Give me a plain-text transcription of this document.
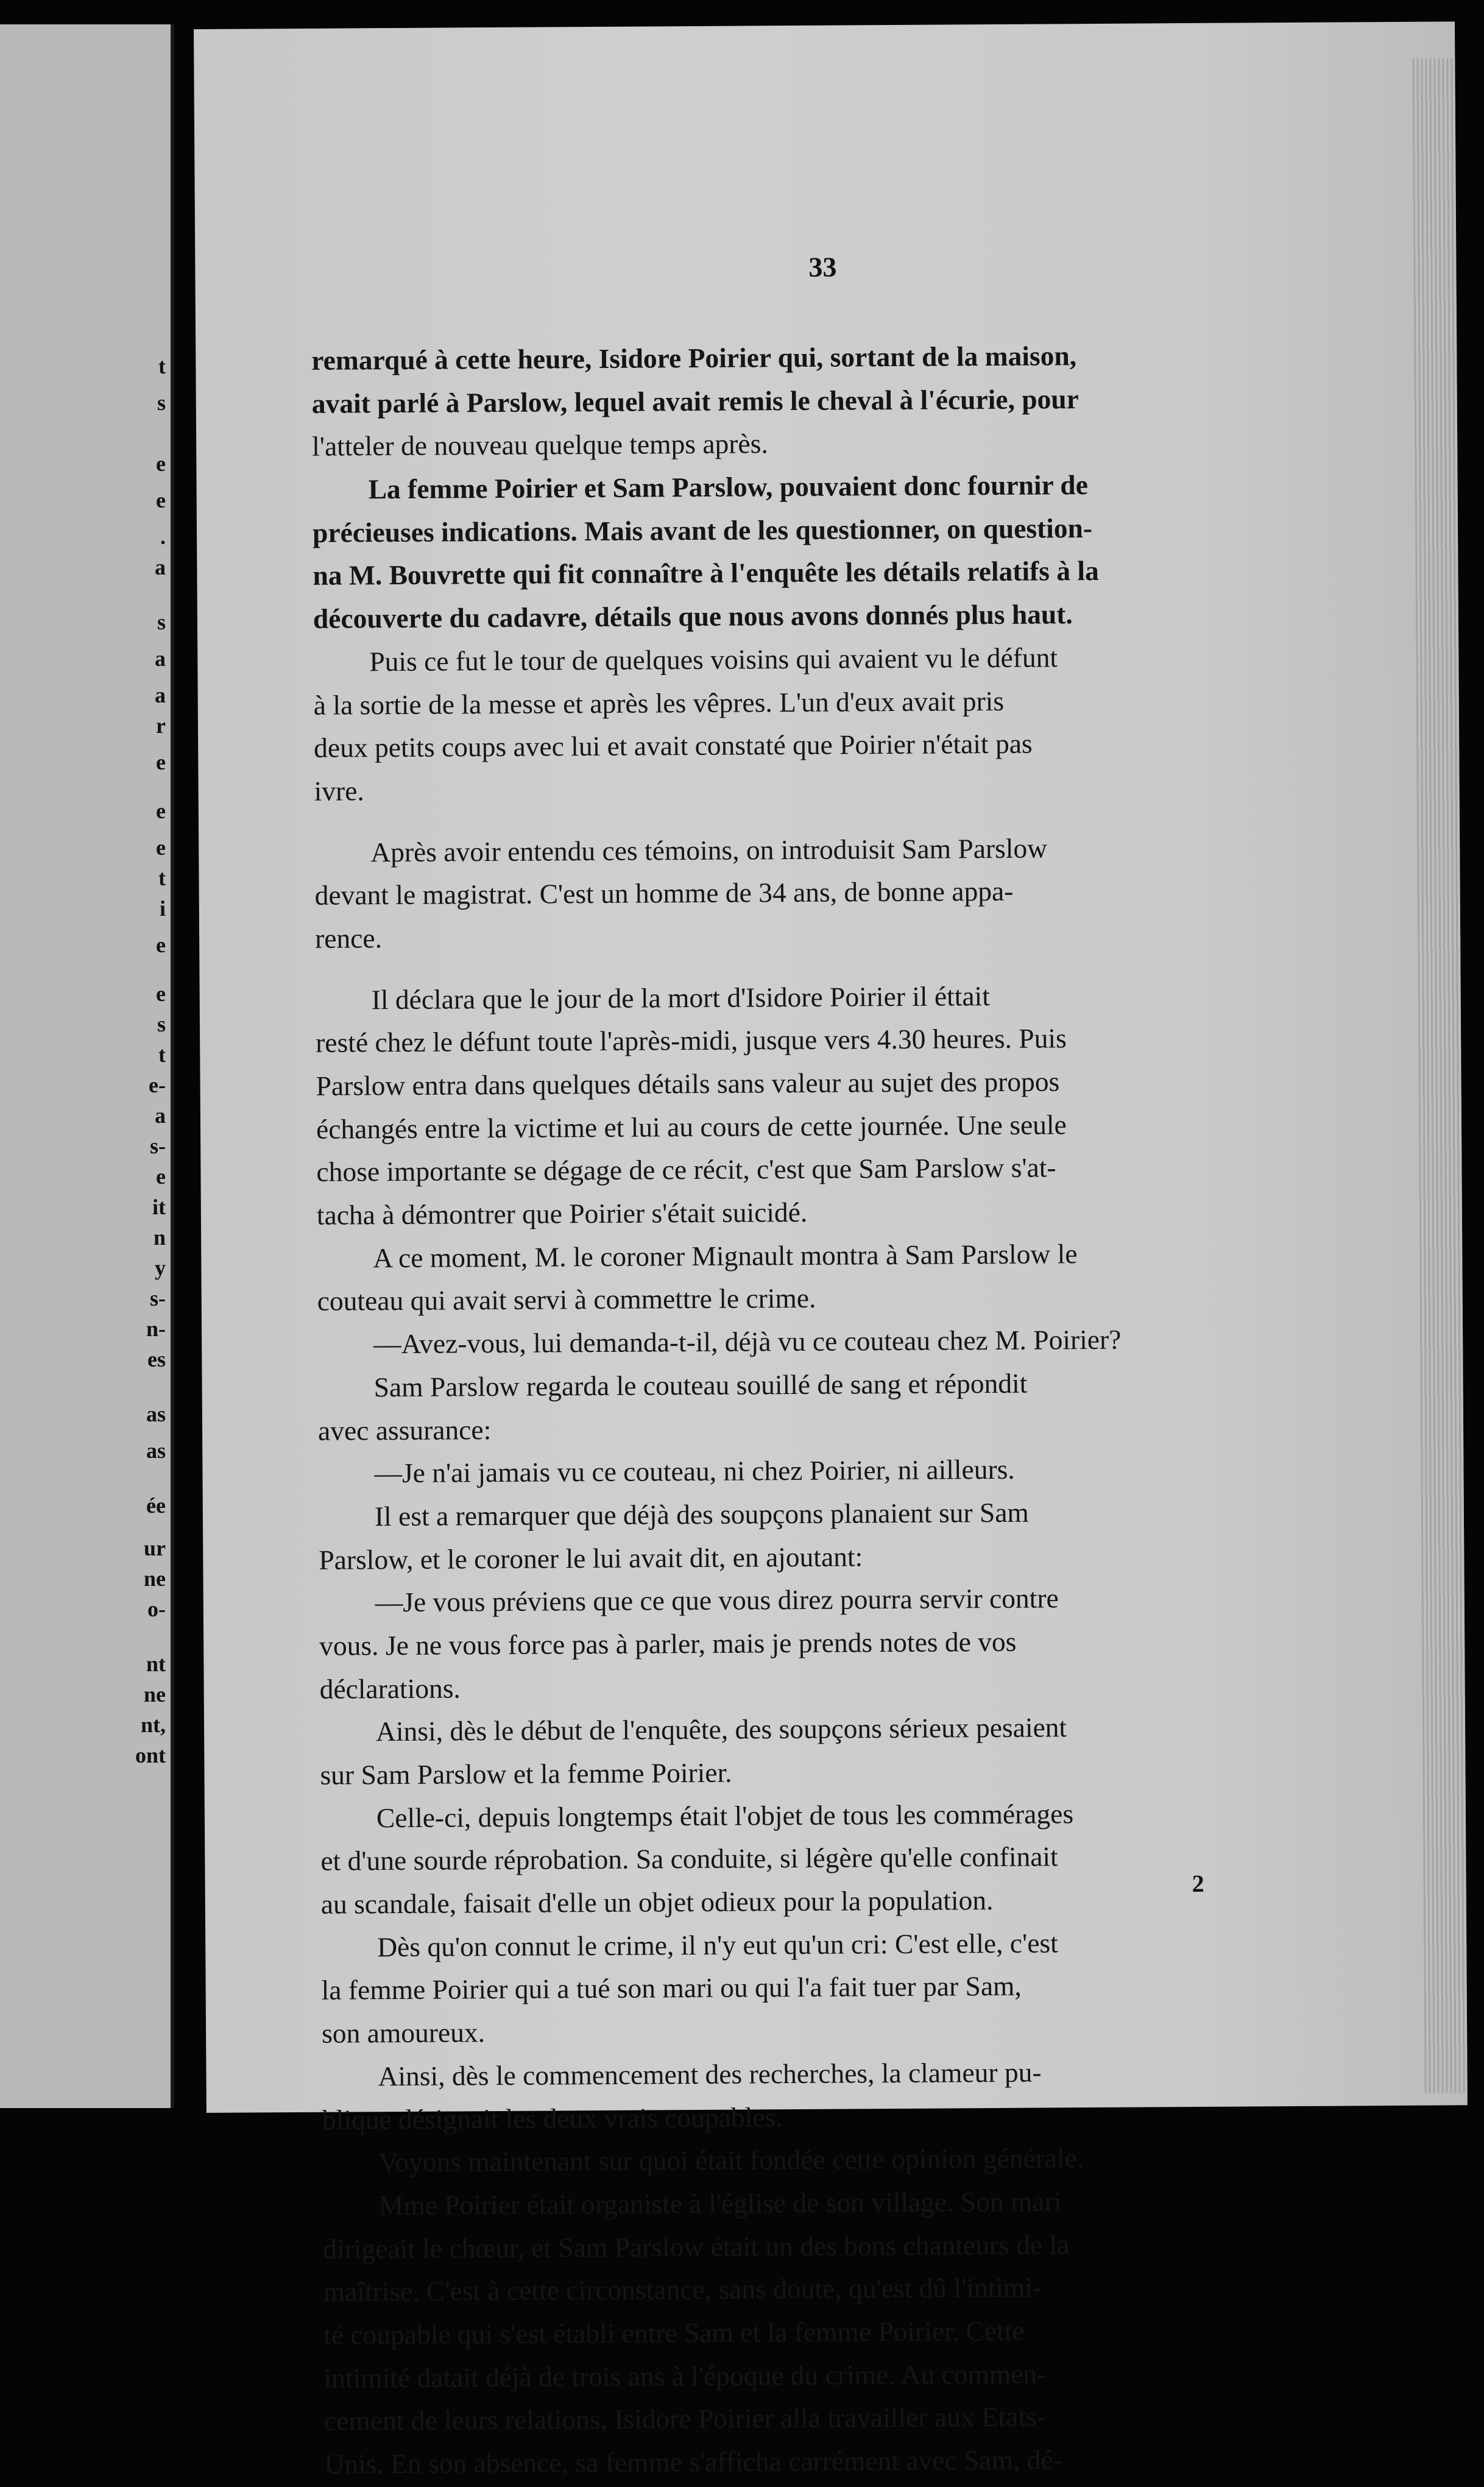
t
s
e
e
.
a
s
a
a
r
e
e
e
t
i
e
e
s
t
e-
a
s-
e
it
n
y
s-
n-
es
as
as
ée
ur
ne
o-
nt
ne
nt,
ont
33
remarqué à cette heure, Isidore Poirier qui, sortant de la maison,
avait parlé à Parslow, lequel avait remis le cheval à l'écurie, pour
l'atteler de nouveau quelque temps après.
La femme Poirier et Sam Parslow, pouvaient donc fournir de
précieuses indications. Mais avant de les questionner, on question-
na M. Bouvrette qui fit connaître à l'enquête les détails relatifs à la
découverte du cadavre, détails que nous avons donnés plus haut.
Puis ce fut le tour de quelques voisins qui avaient vu le défunt
à la sortie de la messe et après les vêpres. L'un d'eux avait pris
deux petits coups avec lui et avait constaté que Poirier n'était pas
ivre.
Après avoir entendu ces témoins, on introduisit Sam Parslow
devant le magistrat. C'est un homme de 34 ans, de bonne appa-
rence.
Il déclara que le jour de la mort d'Isidore Poirier il éttait
resté chez le défunt toute l'après-midi, jusque vers 4.30 heures. Puis
Parslow entra dans quelques détails sans valeur au sujet des propos
échangés entre la victime et lui au cours de cette journée. Une seule
chose importante se dégage de ce récit, c'est que Sam Parslow s'at-
tacha à démontrer que Poirier s'était suicidé.
A ce moment, M. le coroner Mignault montra à Sam Parslow le
couteau qui avait servi à commettre le crime.
—Avez-vous, lui demanda-t-il, déjà vu ce couteau chez M. Poirier?
Sam Parslow regarda le couteau souillé de sang et répondit
avec assurance:
—Je n'ai jamais vu ce couteau, ni chez Poirier, ni ailleurs.
Il est a remarquer que déjà des soupçons planaient sur Sam
Parslow, et le coroner le lui avait dit, en ajoutant:
—Je vous préviens que ce que vous direz pourra servir contre
vous. Je ne vous force pas à parler, mais je prends notes de vos
déclarations.
Ainsi, dès le début de l'enquête, des soupçons sérieux pesaient
sur Sam Parslow et la femme Poirier.
Celle-ci, depuis longtemps était l'objet de tous les commérages
et d'une sourde réprobation. Sa conduite, si légère qu'elle confinait
au scandale, faisait d'elle un objet odieux pour la population.
Dès qu'on connut le crime, il n'y eut qu'un cri: C'est elle, c'est
la femme Poirier qui a tué son mari ou qui l'a fait tuer par Sam,
son amoureux.
Ainsi, dès le commencement des recherches, la clameur pu-
blique désignait les deux vrais coupables.
Voyons maintenant sur quoi était fondée cette opinion générale.
Mme Poirier était organiste à l'église de son village. Son mari
dirigeait le chœur, et Sam Parslow était un des bons chanteurs de la
maîtrise. C'est à cette circonstance, sans doute, qu'est dû l'intimi-
té coupable qui s'est établi entre Sam et la femme Poirier. Cette
intimité datait déjà de trois ans à l'époque du crime. Au commen-
cement de leurs relations, Isidore Poirier alla travailler aux Etats-
Unis. En son absence, sa femme s'afficha carrément avec Sam, dé-
2
